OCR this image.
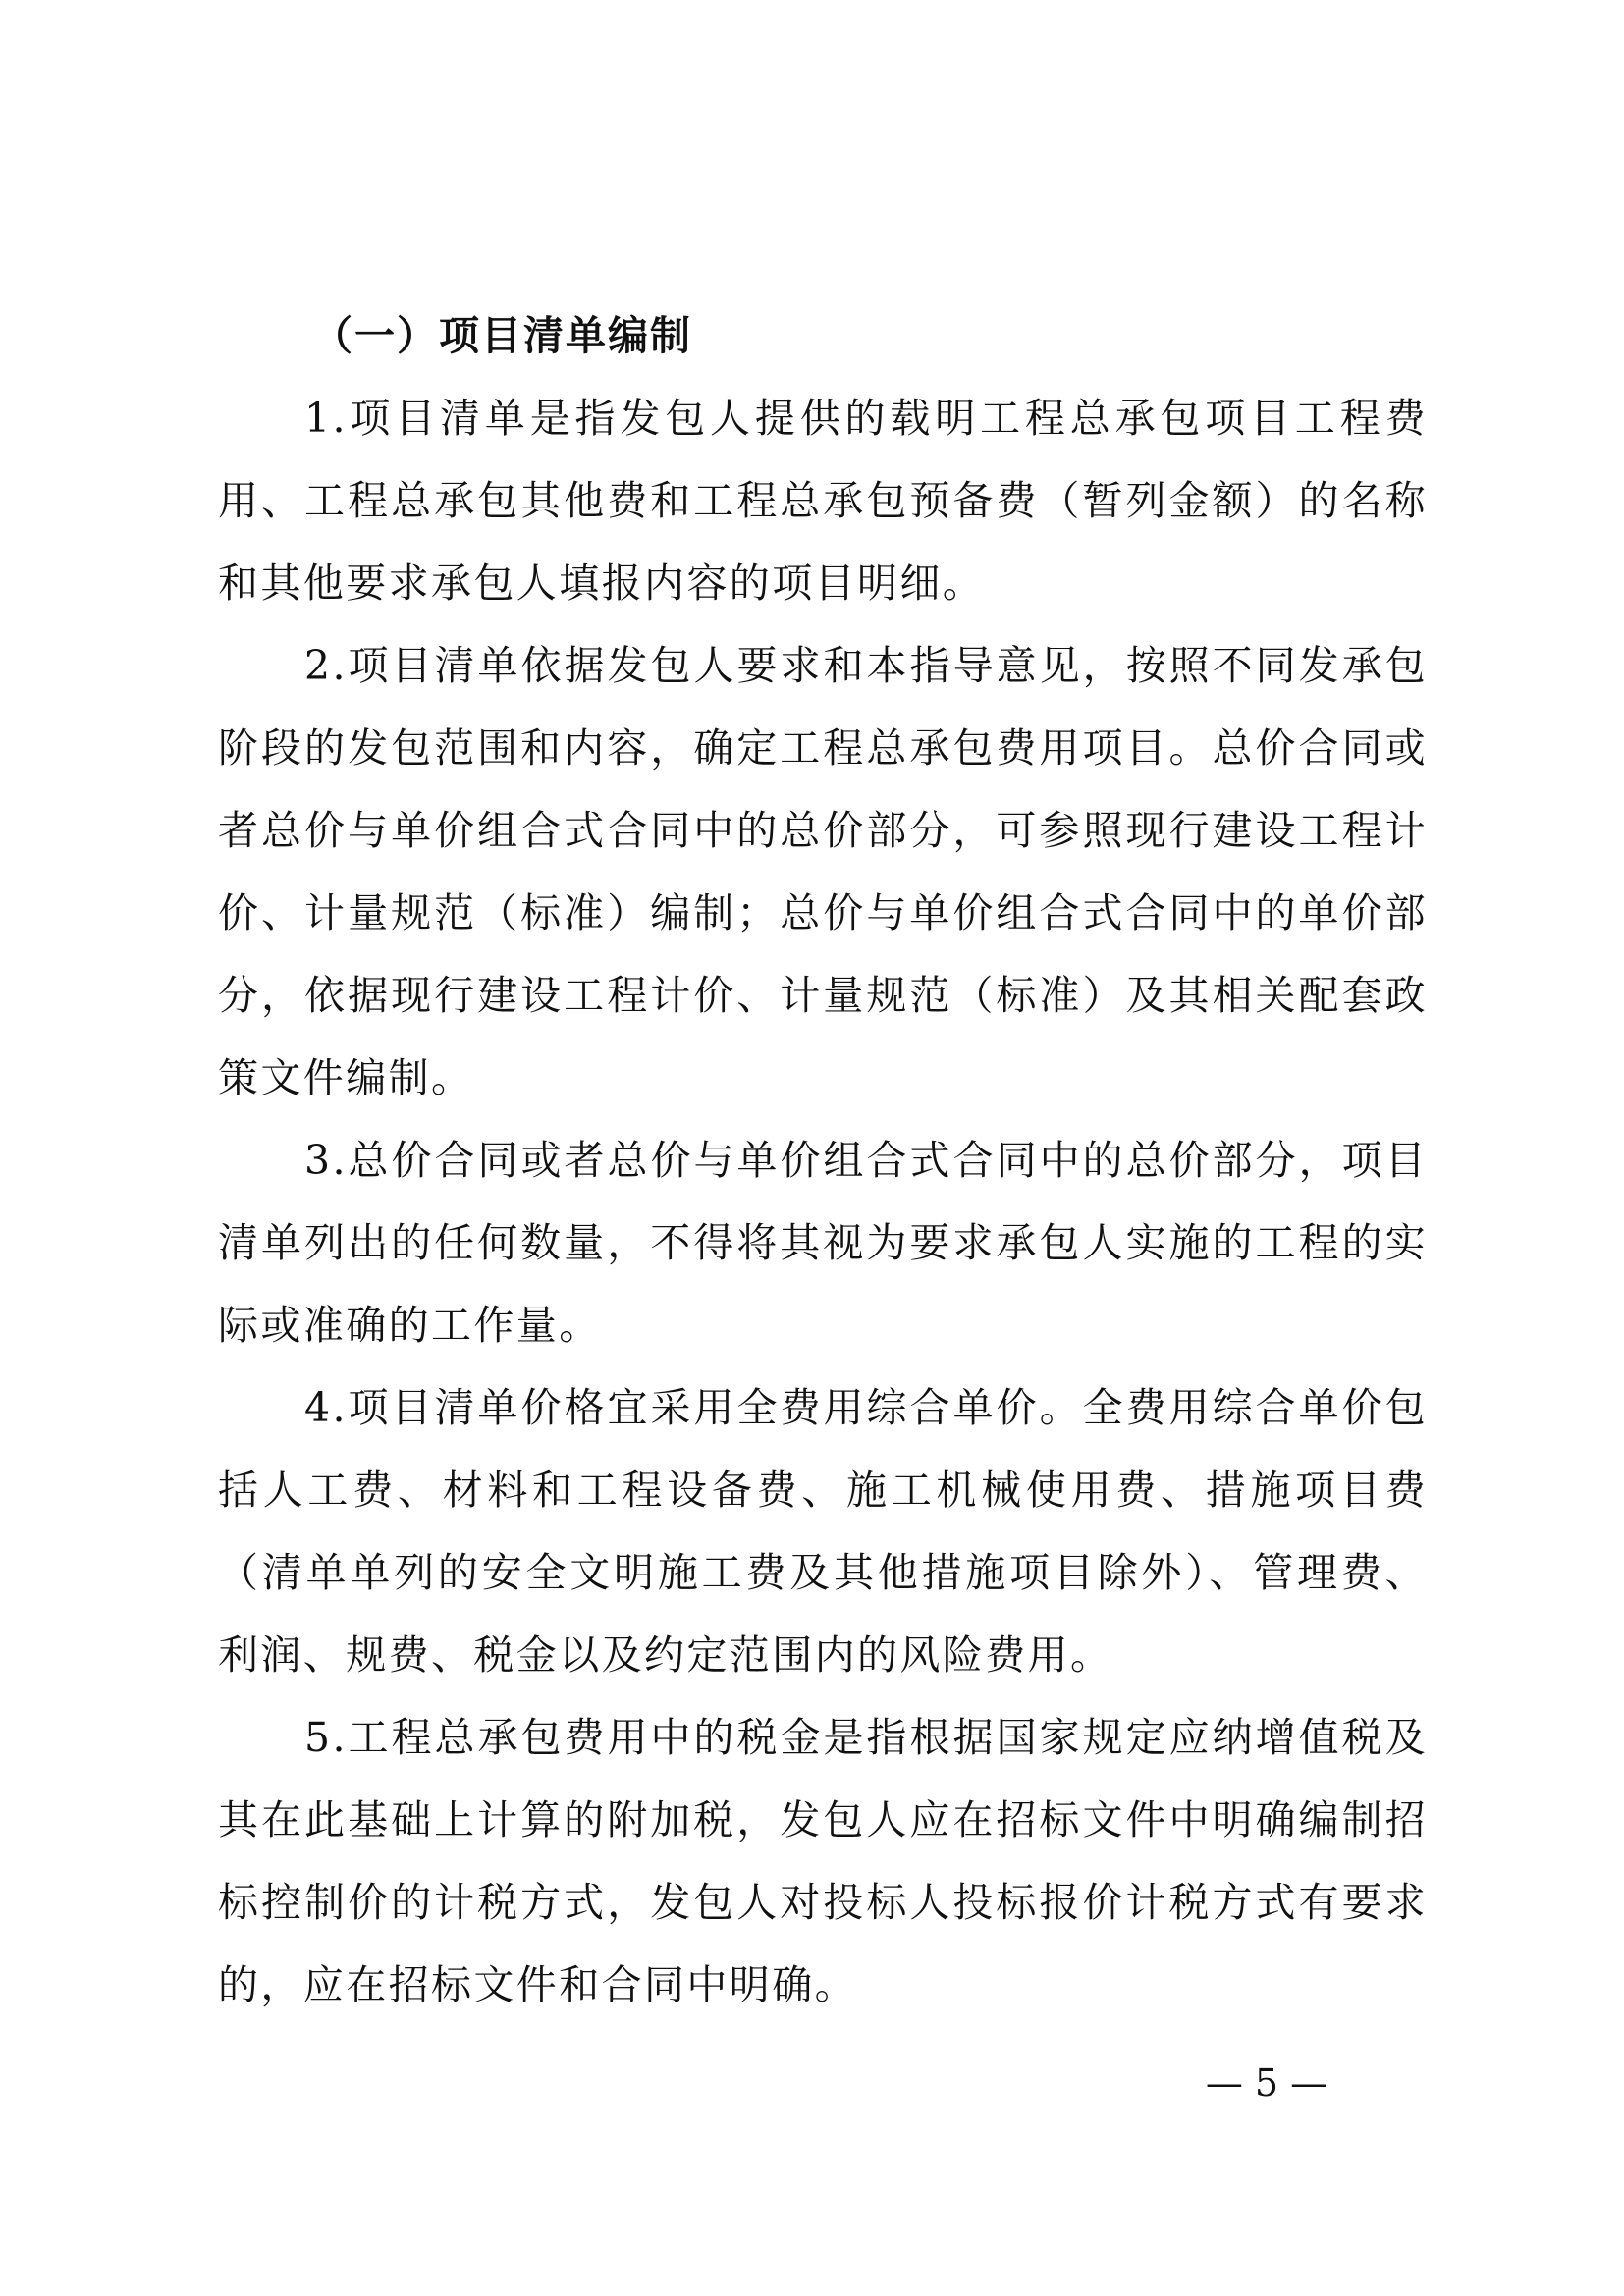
（一）项目清单编制

1.项目清单是指发包人提供的载明工程总承包项目工程费用、工程总承包其他费和工程总承包预备费（暂列金额）的名称和其他要求承包人填报内容的项目明细。

2.项目清单依据发包人要求和本指导意见，按照不同发承包阶段的发包范围和内容，确定工程总承包费用项目。总价合同或者总价与单价组合式合同中的总价部分，可参照现行建设工程计价、计量规范（标准）编制；总价与单价组合式合同中的单价部分，依据现行建设工程计价、计量规范（标准）及其相关配套政策文件编制。

3.总价合同或者总价与单价组合式合同中的总价部分，项目清单列出的任何数量，不得将其视为要求承包人实施的工程的实际或准确的工作量。

4.项目清单价格宜采用全费用综合单价。全费用综合单价包括人工费、材料和工程设备费、施工机械使用费、措施项目费（清单单列的安全文明施工费及其他措施项目除外）、管理费、利润、规费、税金以及约定范围内的风险费用。

5.工程总承包费用中的税金是指根据国家规定应纳增值税及其在此基础上计算的附加税，发包人应在招标文件中明确编制招标控制价的计税方式，发包人对投标人投标报价计税方式有要求的，应在招标文件和合同中明确。

— 5 —
